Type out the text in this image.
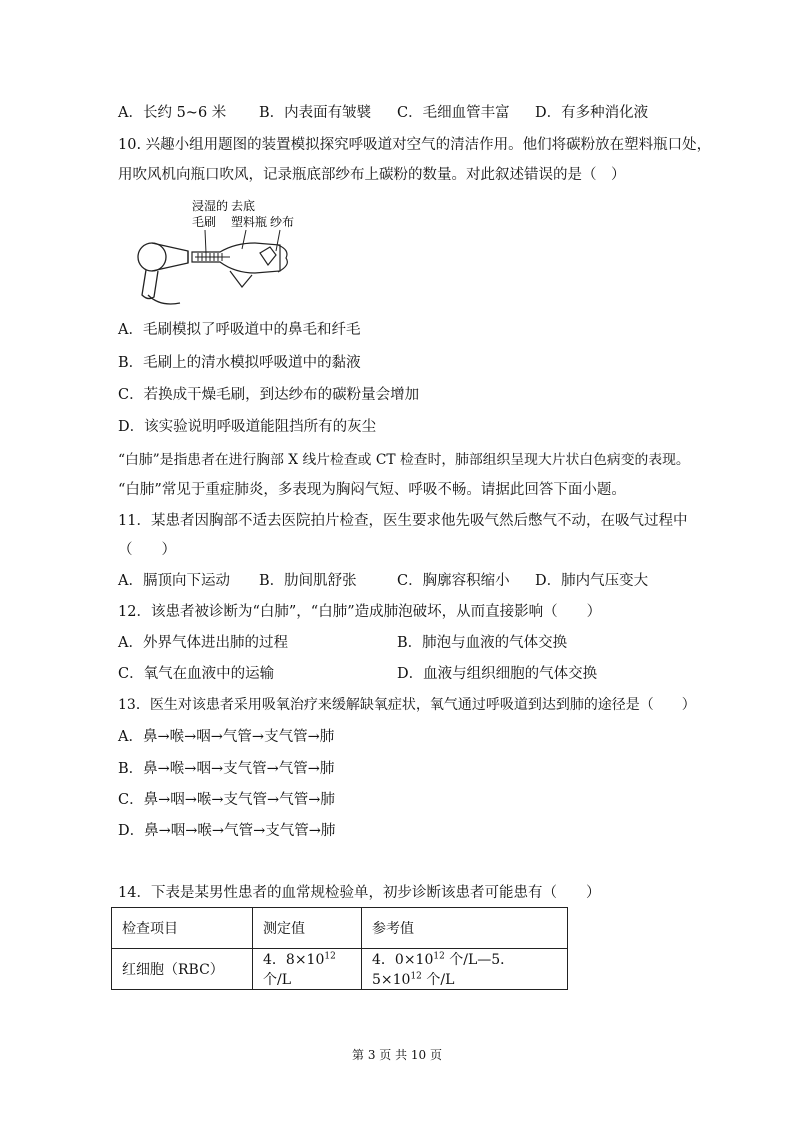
A．长约 5~6 米 B．内表面有皱襞 C．毛细血管丰富 D．有多种消化液
10. 兴趣小组用题图的装置模拟探究呼吸道对空气的清洁作用。他们将碳粉放在塑料瓶口处，
用吹风机向瓶口吹风，记录瓶底部纱布上碳粉的数量。对此叙述错误的是（　）
浸湿的
毛刷
去底
塑料瓶 纱布
A．毛刷模拟了呼吸道中的鼻毛和纤毛
B．毛刷上的清水模拟呼吸道中的黏液
C．若换成干燥毛刷，到达纱布的碳粉量会增加
D．该实验说明呼吸道能阻挡所有的灰尘
“白肺”是指患者在进行胸部 X 线片检查或 CT 检查时，肺部组织呈现大片状白色病变的表现。
“白肺”常见于重症肺炎，多表现为胸闷气短、呼吸不畅。请据此回答下面小题。
11．某患者因胸部不适去医院拍片检查，医生要求他先吸气然后憋气不动，在吸气过程中
（　　）
A．膈顶向下运动 B．肋间肌舒张	C．胸廓容积缩小 D．肺内气压变大
12．该患者被诊断为“白肺”，“白肺”造成肺泡破坏，从而直接影响（　　）
A．外界气体进出肺的过程	B．肺泡与血液的气体交换
C．氧气在血液中的运输	D．血液与组织细胞的气体交换
13．医生对该患者采用吸氧治疗来缓解缺氧症状，氧气通过呼吸道到达到肺的途径是（　　）
A．鼻→喉→咽→气管→支气管→肺
B．鼻→喉→咽→支气管→气管→肺
C．鼻→咽→喉→支气管→气管→肺
D．鼻→咽→喉→气管→支气管→肺
14．下表是某男性患者的血常规检验单，初步诊断该患者可能患有（　　）
检查项目	测定值	参考值
红细胞（RBC）	4．$8\times 10^{12}$ 个/L	4．$0\times 10^{12}$ 个/L—5．$5\times 10^{12}$ 个/L
第 3 页 共 10 页
